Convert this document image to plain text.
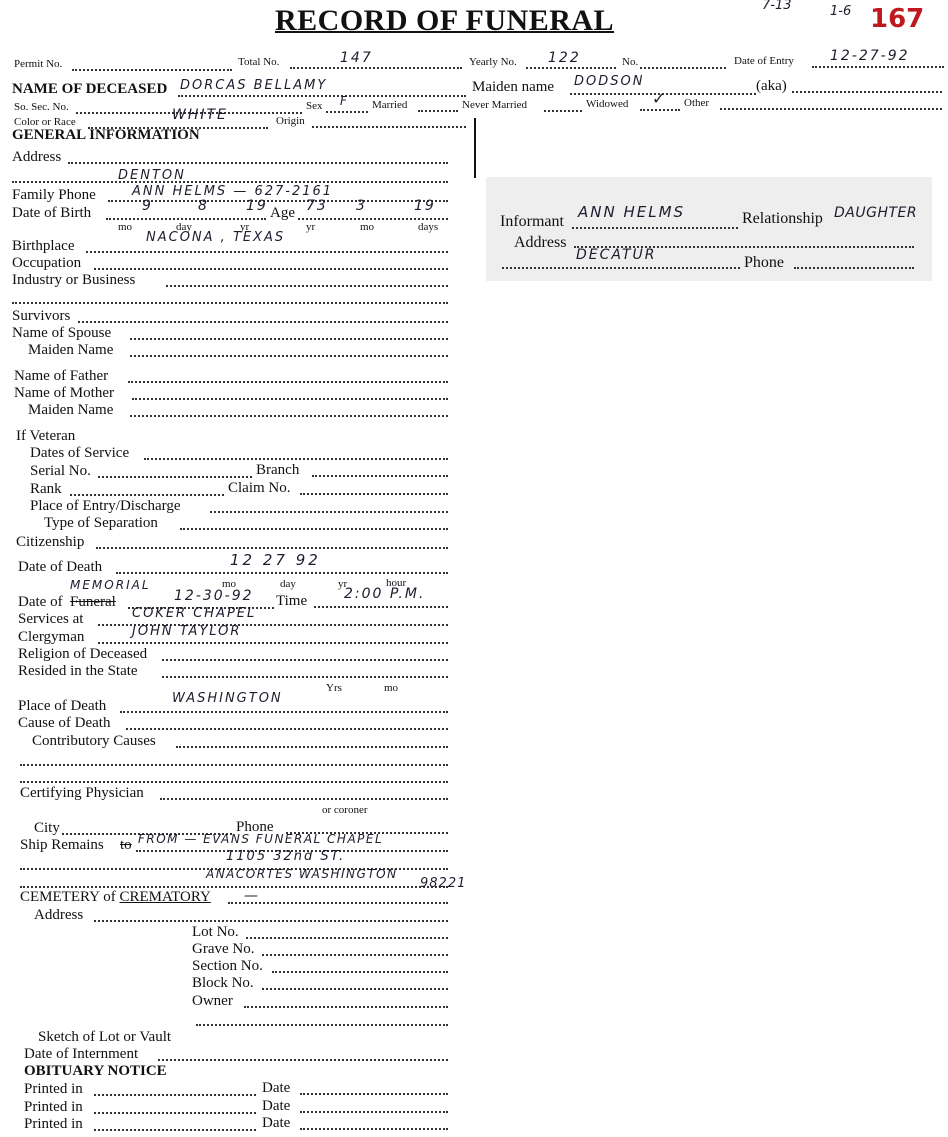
RECORD OF FUNERAL	7-13	1-6 167
Permit No.	Total No.	147	Yearly No. 122	No.	Date of Entry	12-27-92
NAME OF DECEASED DORCAS BELLAMY	Maiden name DODSON	(aka)
So. Sec. No.	Sex F Married	Never Married	Widowed ✓ Other
Color or Race	WHITE	Origin
GENERAL INFORMATION
Address
DENTON
Family Phone	ANN HELMS — 627-2161
Date of Birth	9	8	19 Age 73 3	19
mo	day	yr	yr	mo	days
Birthplace
NACONA , TEXAS
Occupation
Industry or Business
Survivors
Name of Spouse
Maiden Name
Name of Father
Name of Mother
Maiden Name
If Veteran
Dates of Service
Serial No.	Branch
Rank	Claim No.
Place of Entry/Discharge
Type of Separation
Citizenship
Date of Death	12 27 92
mo	day	yr	hour
MEMORIAL
Date of Funeral	12-30-92 Time	2:00 P.M.
Services at	COKER CHAPEL
Clergyman	JOHN TAYLOR
Religion of Deceased
Resided in the State
Yrs	mo
Place of Death	WASHINGTON
Cause of Death
Contributory Causes
Certifying Physician
or coroner
City	Phone
Ship Remains to FROM — EVANS FUNERAL CHAPEL
1105 32nd ST.
ANACORTES WASHINGTON
98221
CEMETERY of CREMATORY —
Address
Lot No.
Grave No.
Section No.
Block No.
Owner
Sketch of Lot or Vault
Date of Internment
OBITUARY NOTICE
Printed in	Date
Printed in	Date
Printed in	Date
Informant
ANN HELMS	Relationship DAUGHTER
Address
DECATUR	Phone
